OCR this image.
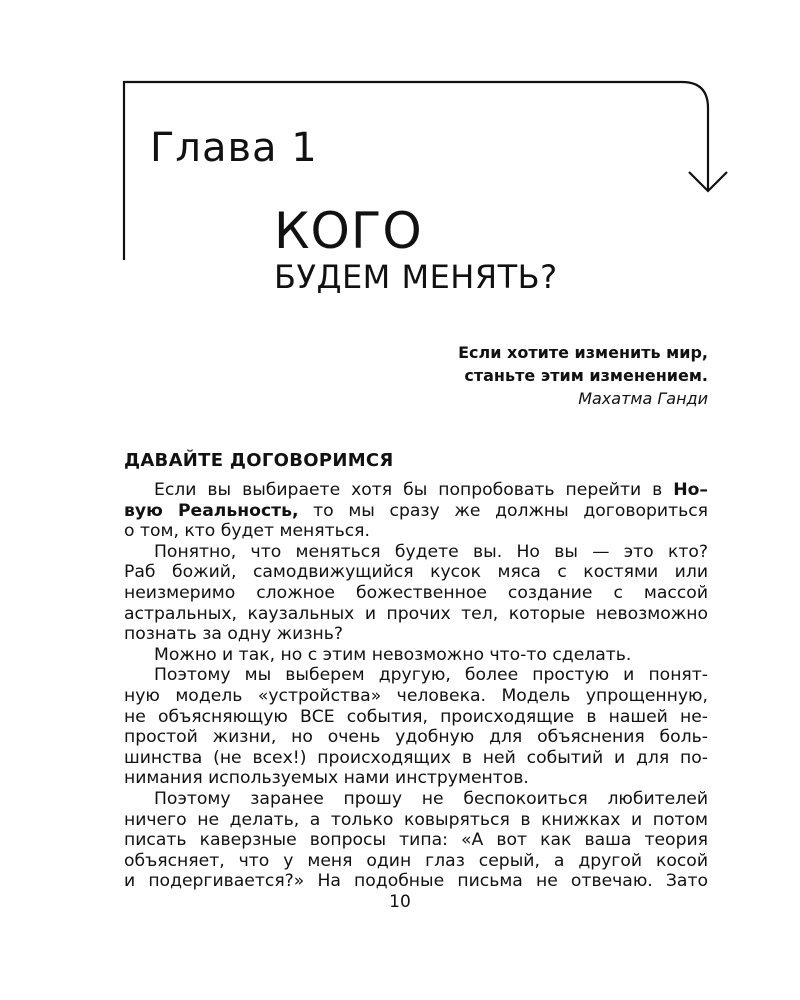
Глава 1
КОГО
БУДЕМ МЕНЯТЬ?
Если хотите изменить мир,
станьте этим изменением.
Махатма Ганди
ДАВАЙТЕ ДОГОВОРИМСЯ
Если вы выбираете хотя бы попробовать перейти в Но–
вую Реальность, то мы сразу же должны договориться
о том, кто будет меняться.
Понятно, что меняться будете вы. Но вы — это кто?
Раб божий, самодвижущийся кусок мяса с костями или
неизмеримо сложное божественное создание с массой
астральных, каузальных и прочих тел, которые невозможно
познать за одну жизнь?
Можно и так, но с этим невозможно что-то сделать.
Поэтому мы выберем другую, более простую и понят-
ную модель «устройства» человека. Модель упрощенную,
не объясняющую ВСЕ события, происходящие в нашей не-
простой жизни, но очень удобную для объяснения боль-
шинства (не всех!) происходящих в ней событий и для по-
нимания используемых нами инструментов.
Поэтому заранее прошу не беспокоиться любителей
ничего не делать, а только ковыряться в книжках и потом
писать каверзные вопросы типа: «А вот как ваша теория
объясняет, что у меня один глаз серый, а другой косой
и подергивается?» На подобные письма не отвечаю. Зато
10
